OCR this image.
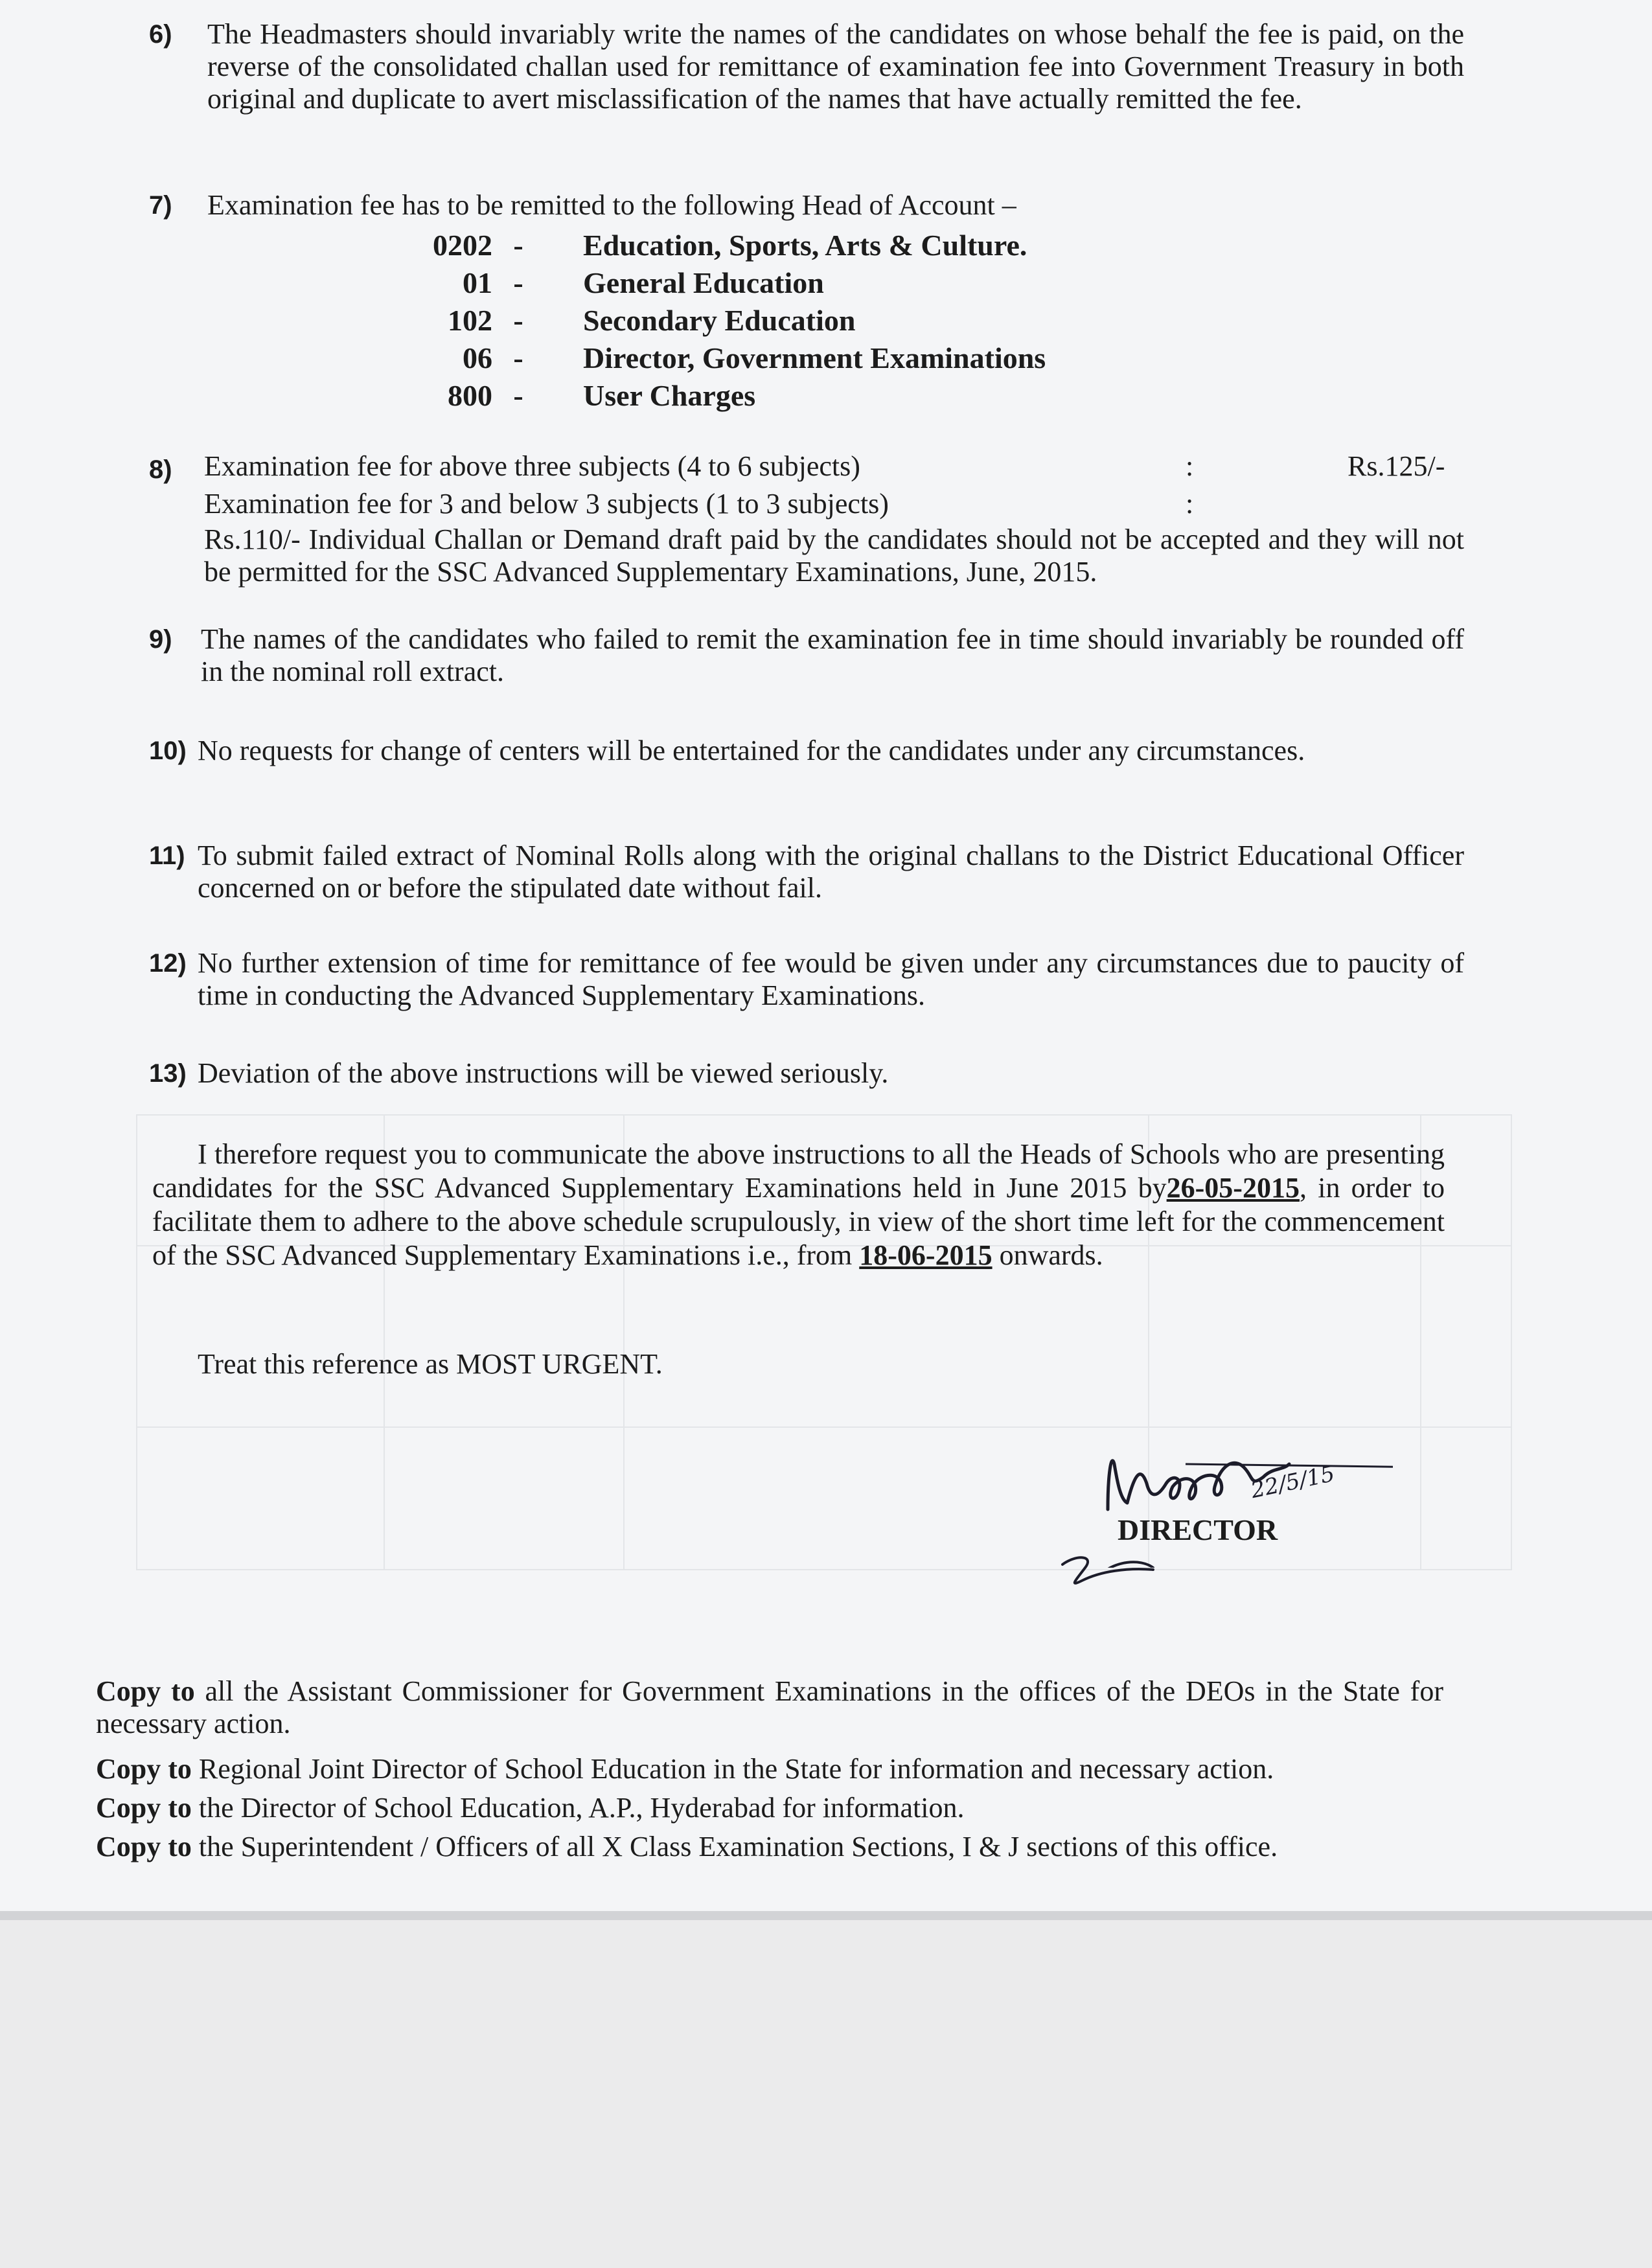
6) The Headmasters should invariably write the names of the candidates on whose behalf the fee is paid, on the reverse of the consolidated challan used for remittance of examination fee into Government Treasury in both original and duplicate to avert misclassification of the names that have actually remitted the fee.
7) Examination fee has to be remitted to the following Head of Account –
0202 - Education, Sports, Arts & Culture.
01 - General Education
102 - Secondary Education
06 - Director, Government Examinations
800 - User Charges
8) Examination fee for above three subjects (4 to 6 subjects)	:	Rs.125/-
Examination fee for 3 and below 3 subjects (1 to 3 subjects)	:
Rs.110/- Individual Challan or Demand draft paid by the candidates should not be accepted and they will not be permitted for the SSC Advanced Supplementary Examinations, June, 2015.
9) The names of the candidates who failed to remit the examination fee in time should invariably be rounded off in the nominal roll extract.
10) No requests for change of centers will be entertained for the candidates under any circumstances.
11) To submit failed extract of Nominal Rolls along with the original challans to the District Educational Officer concerned on or before the stipulated date without fail.
12) No further extension of time for remittance of fee would be given under any circumstances due to paucity of time in conducting the Advanced Supplementary Examinations.
13) Deviation of the above instructions will be viewed seriously.

I therefore request you to communicate the above instructions to all the Heads of Schools who are presenting candidates for the SSC Advanced Supplementary Examinations held in June 2015 by26-05-2015, in order to facilitate them to adhere to the above schedule scrupulously, in view of the short time left for the commencement of the SSC Advanced Supplementary Examinations i.e., from 18-06-2015 onwards.

Treat this reference as MOST URGENT.
22/5/15
DIRECTOR

Copy to all the Assistant Commissioner for Government Examinations in the offices of the DEOs in the State for necessary action.

Copy to Regional Joint Director of School Education in the State for information and necessary action.

Copy to the Director of School Education, A.P., Hyderabad for information.

Copy to the Superintendent / Officers of all X Class Examination Sections, I & J sections of this office.
